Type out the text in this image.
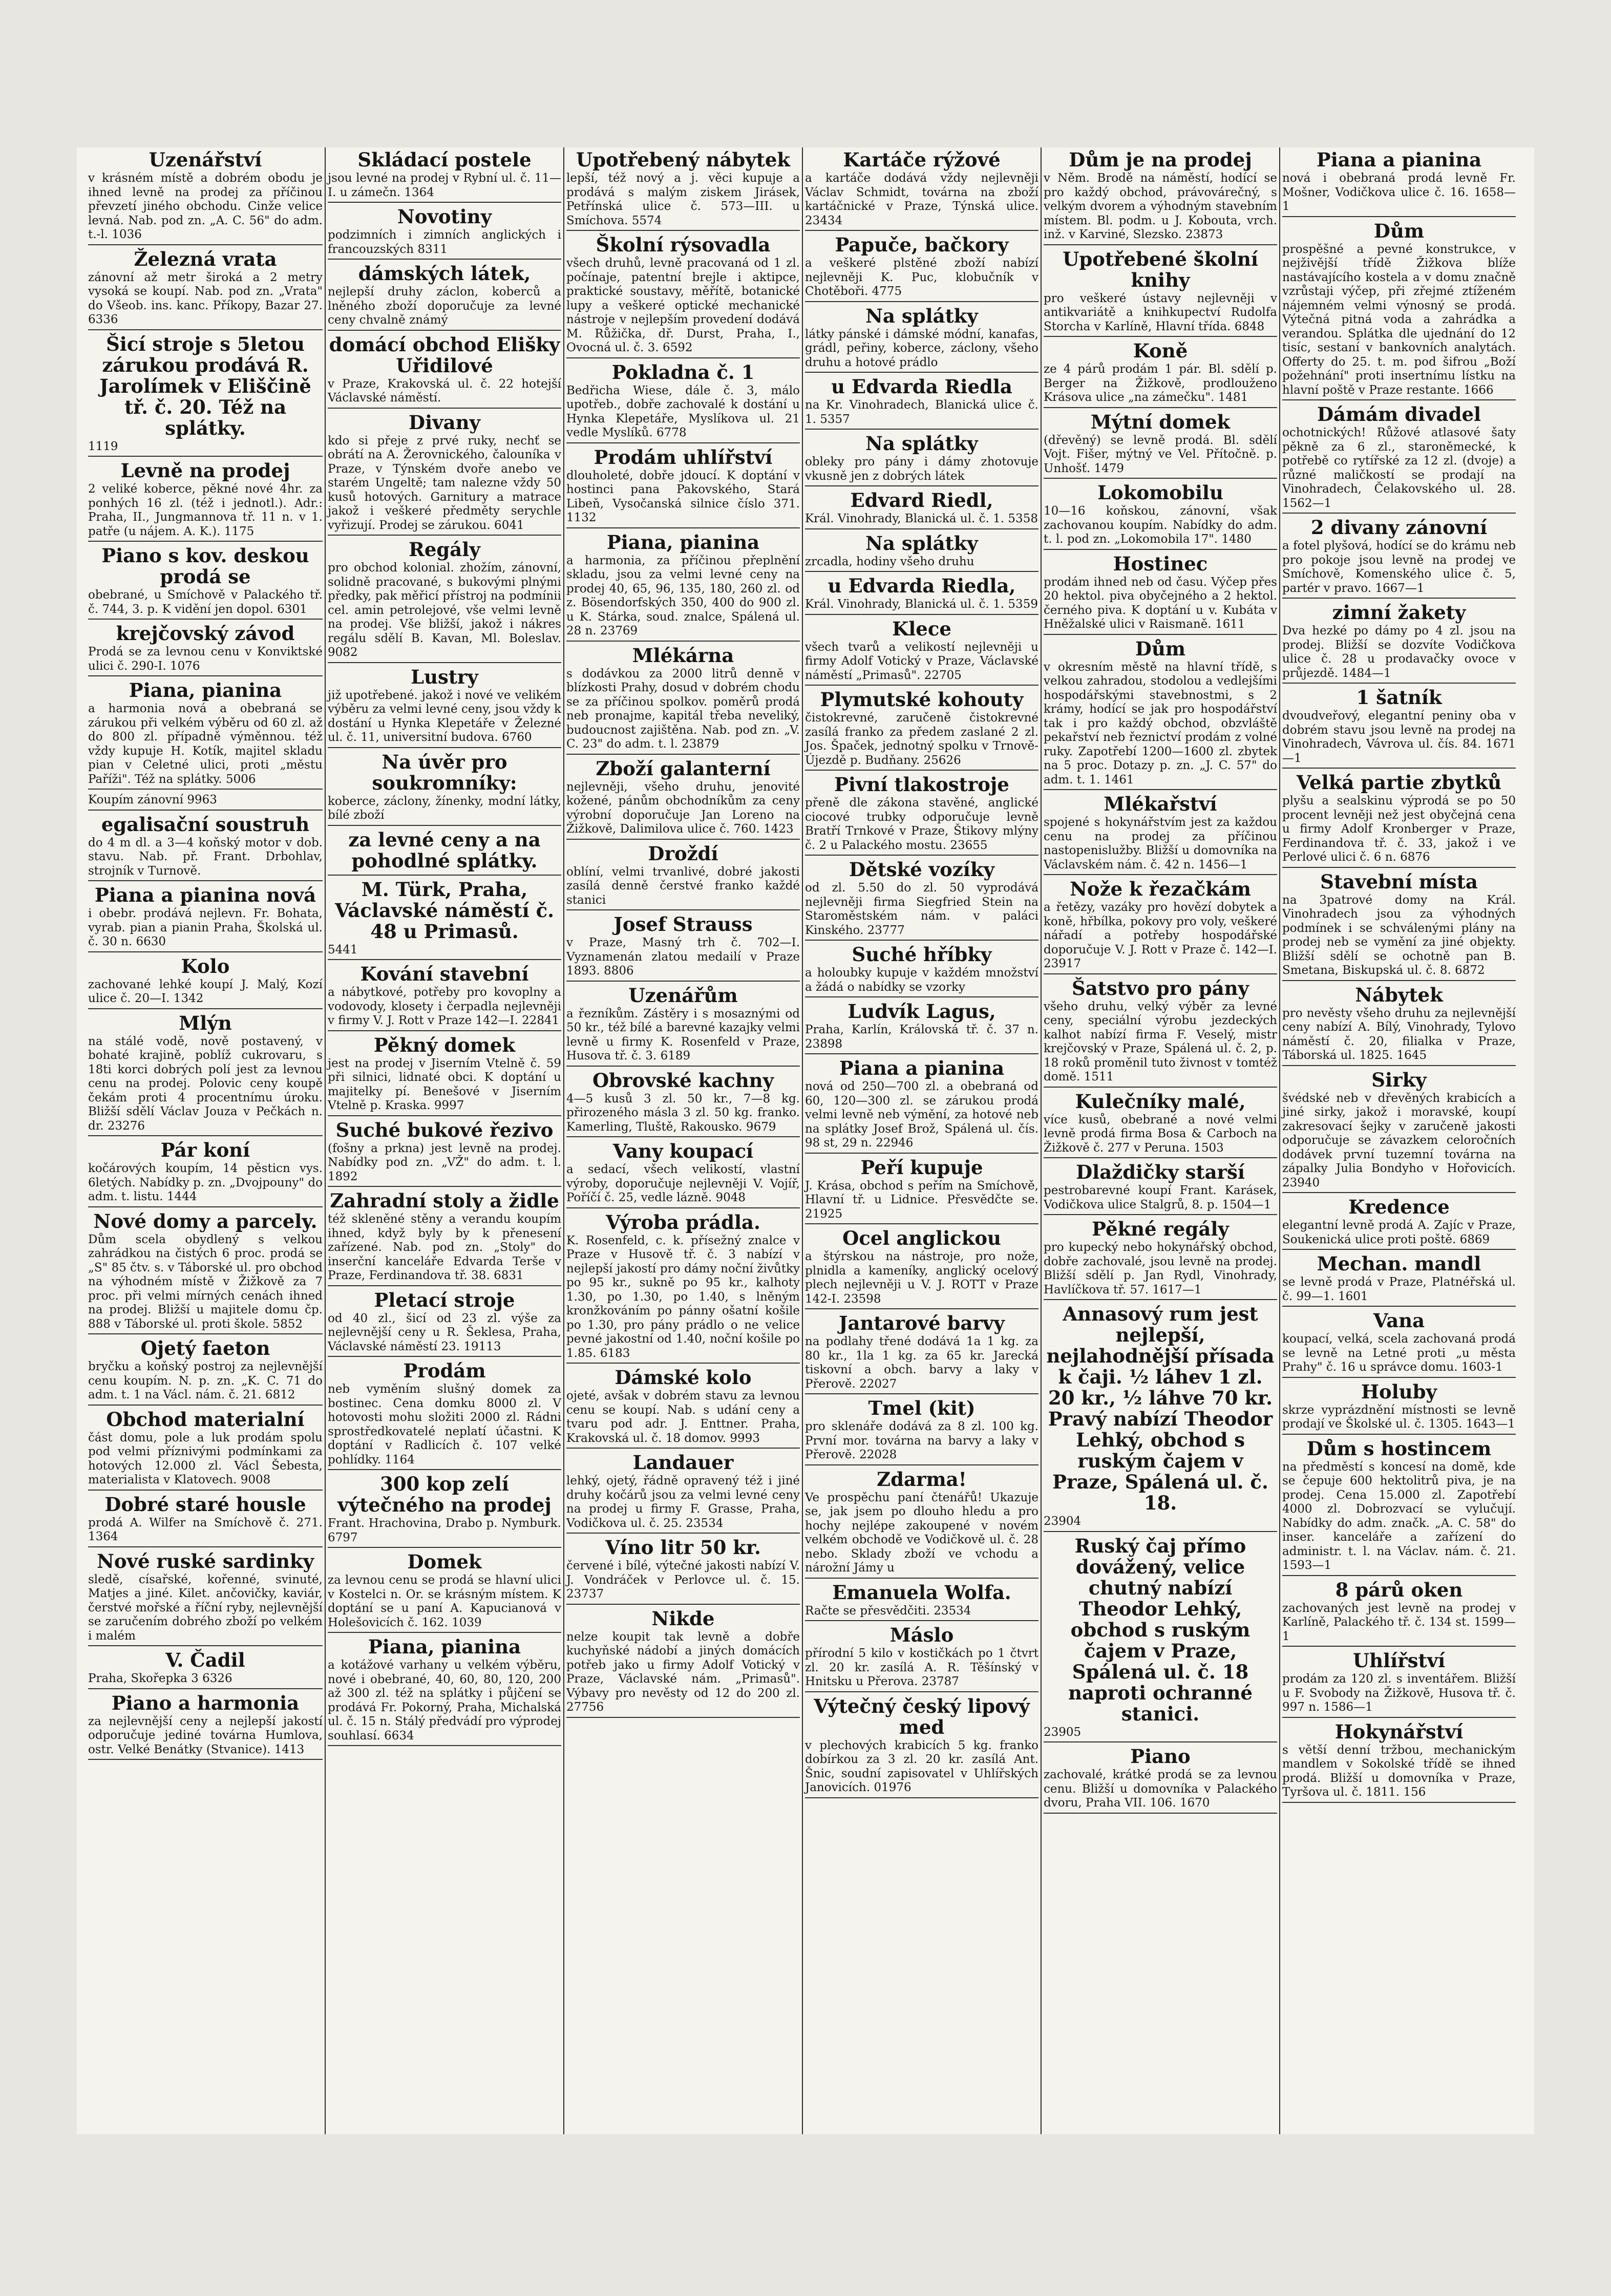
Uzenářství
v krásném místě a dobrém obodu je ihned levně na prodej za příčinou převzetí jiného obchodu. Cinže velice levná. Nab. pod zn. „A. C. 56" do adm. t.-l. 1036
Železná vrata
zánovní až metr široká a 2 metry vysoká se koupí. Nab. pod zn. „Vrata" do Všeob. ins. kanc. Příkopy, Bazar 27. 6336
Šicí stroje s 5letou zárukou prodává R. Jarolímek v Eliščině tř. č. 20. Též na splátky.
1119
Levně na prodej
2 veliké koberce, pěkné nové 4hr. za ponhých 16 zl. (též i jednotl.). Adr.: Praha, II., Jungmannova tř. 11 n. v 1. patře (u nájem. A. K.). 1175
Piano s kov. deskou prodá se
obebrané, u Smíchově v Palackého tř. č. 744, 3. p. K vidění jen dopol. 6301
krejčovský závod
Prodá se za levnou cenu v Konviktské ulici č. 290-I. 1076
Piana, pianina
a harmonia nová a obebraná se zárukou při velkém výběru od 60 zl. až do 800 zl. případně výměnnou. též vždy kupuje H. Kotík, majitel skladu pian v Celetné ulici, proti „městu Paříži". Též na splátky. 5006
Koupím zánovní 9963
egalisační soustruh
do 4 m dl. a 3—4 koňský motor v dob. stavu. Nab. př. Frant. Drbohlav, strojník v Turnově.
Piana a pianina nová
i obebr. prodává nejlevn. Fr. Bohata, vyrab. pian a pianin Praha, Školská ul. č. 30 n. 6630
Kolo
zachované lehké koupí J. Malý, Kozí ulice č. 20—I. 1342
Mlýn
na stálé vodě, nově postavený, v bohaté krajině, poblíž cukrovaru, s 18ti korci dobrých polí jest za levnou cenu na prodej. Polovic ceny koupě čekám proti 4 procentnímu úroku. Bližší sdělí Václav Jouza v Pečkách n. dr. 23276
Pár koní
kočárových koupím, 14 pěsticn vys. 6letých. Nabídky p. zn. „Dvojpouny" do adm. t. listu. 1444
Nové domy a parcely.
Dům scela obydlený s velkou zahrádkou na čistých 6 proc. prodá se „S" 85 čtv. s. v Táborské ul. pro obchod na výhodném místě v Žižkově za 7 proc. při velmi mírných cenách ihned na prodej. Bližší u majitele domu čp. 888 v Táborské ul. proti škole. 5852
Ojetý faeton
bryčku a koňský postroj za nejlevnější cenu koupím. N. p. zn. „K. C. 71 do adm. t. 1 na Václ. nám. č. 21. 6812
Obchod materialní
část domu, pole a luk prodám spolu pod velmi příznivými podmínkami za hotových 12.000 zl. Václ Šebesta, materialista v Klatovech. 9008
Dobré staré housle
prodá A. Wilfer na Smíchově č. 271. 1364
Nové ruské sardinky
sledě, císařské, kořenné, svinuté, Matjes a jiné. Kilet. ančovičky, kaviár, čerstvé mořské a říční ryby, nejlevnější se zaručením dobrého zboží po velkém i malém
V. Čadil
Praha, Skořepka 3 6326
Piano a harmonia
za nejlevnější ceny a nejlepší jakostí odporučuje jediné továrna Humlova, ostr. Velké Benátky (Stvanice). 1413
Skládací postele
jsou levné na prodej v Rybní ul. č. 11—I. u zámečn. 1364
Novotiny
podzimních i zimních anglických i francouzských 8311
dámských látek,
nejlepší druhy záclon, koberců a lněného zboží doporučuje za levné ceny chvalně známý
domácí obchod Elišky Uřidilové
v Praze, Krakovská ul. č. 22 hotejší Václavské náměstí.
Divany
kdo si přeje z prvé ruky, nechť se obrátí na A. Žerovnického, čalouníka v Praze, v Týnském dvoře anebo ve starém Ungeltě; tam nalezne vždy 50 kusů hotových. Garnitury a matrace jakož i veškeré předměty serychle vyřizují. Prodej se zárukou. 6041
Regály
pro obchod kolonial. zhožím, zánovní, solidně pracované, s bukovými plnými předky, pak měřicí přístroj na podmínii cel. amin petrolejové, vše velmi levně na prodej. Vše bližší, jakož i nákres regálu sdělí B. Kavan, Ml. Boleslav. 9082
Lustry
již upotřebené. jakož i nové ve velikém výběru za velmi levné ceny, jsou vždy k dostání u Hynka Klepetáře v Železné ul. č. 11, universitní budova. 6760
Na úvěr pro soukromníky:
koberce, záclony, žínenky, modní látky, bílé zboží
za levné ceny a na pohodlné splátky.
M. Türk, Praha, Václavské náměstí č. 48 u Primasů.
5441
Kování stavební
a nábytkové, potřeby pro kovoplny a vodovody, klosety i čerpadla nejlevněji v firmy V. J. Rott v Praze 142—I. 22841
Pěkný domek
jest na prodej v Jiserním Vtelně č. 59 při silnici, lidnaté obci. K doptání u majitelky pí. Benešové v Jiserním Vtelně p. Kraska. 9997
Suché bukové řezivo
(fošny a prkna) jest levně na prodej. Nabídky pod zn. „VŽ" do adm. t. l. 1892
Zahradní stoly a židle
též skleněné stěny a verandu koupím ihned, když byly by k přenesení zařízené. Nab. pod zn. „Stoly" do inserční kanceláře Edvarda Terše v Praze, Ferdinandova tř. 38. 6831
Pletací stroje
od 40 zl., šicí od 23 zl. výše za nejlevnější ceny u R. Šeklesa, Praha, Václavské náměstí 23. 19113
Prodám
neb vyměním slušný domek za bostinec. Cena domku 8000 zl. V hotovosti mohu složiti 2000 zl. Rádni sprostředkovatelé neplatí účastni. K doptání v Radlicích č. 107 velké pohlídky. 1164
300 kop zelí výtečného na prodej
Frant. Hrachovina, Drabo p. Nymburk. 6797
Domek
za levnou cenu se prodá se hlavní ulici v Kostelci n. Or. se krásným místem. K doptání se u paní A. Kapucianová v Holešovicích č. 162. 1039
Piana, pianina
a kotážové varhany u velkém výběru, nové i obebrané, 40, 60, 80, 120, 200 až 300 zl. též na splátky i půjčení se prodává Fr. Pokorný, Praha, Michalská ul. č. 15 n. Stálý předvádí pro výprodej souhlasí. 6634
Upotřebený nábytek
lepší, též nový a j. věci kupuje a prodává s malým ziskem Jirásek, Petřínská ulice č. 573—III. u Smíchova. 5574
Školní rýsovadla
všech druhů, levně pracovaná od 1 zl. počínaje, patentní brejle i aktipce, praktické soustavy, měřítě, botanické lupy a veškeré optické mechanické nástroje v nejlepším provedení dodává M. Růžička, dř. Durst, Praha, I., Ovocná ul. č. 3. 6592
Pokladna č. 1
Bedřicha Wiese, dále č. 3, málo upotřeb., dobře zachovalé k dostání u Hynka Klepetáře, Myslíkova ul. 21 vedle Myslíků. 6778
Prodám uhlířství
dlouholeté, dobře jdoucí. K doptání v hostinci pana Pakovského, Stará Libeň, Vysočanská silnice číslo 371. 1132
Piana, pianina
a harmonia, za příčinou přeplnění skladu, jsou za velmi levné ceny na prodej 40, 65, 96, 135, 180, 260 zl. od z. Bösendorfských 350, 400 do 900 zl. u K. Stárka, soud. znalce, Spálená ul. 28 n. 23769
Mlékárna
s dodávkou za 2000 litrů denně v blízkosti Prahy, dosud v dobrém chodu se za příčinou spolkov. poměrů prodá neb pronajme, kapitál třeba neveliký, budoucnost zajištěna. Nab. pod zn. „V. C. 23" do adm. t. l. 23879
Zboží galanterní
nejlevněji, všeho druhu, jenovité kožené, pánům obchodníkům za ceny výrobní doporučuje Jan Loreno na Žižkově, Dalimilova ulice č. 760. 1423
Droždí
oblíní, velmi trvanlivé, dobré jakosti zasílá denně čerstvé franko každé stanici
Josef Strauss
v Praze, Masný trh č. 702—I. Vyznamenán zlatou medailí v Praze 1893. 8806
Uzenářům
a řezníkům. Zástěry i s mosaznými od 50 kr., též bílé a barevné kazajky velmi levně u firmy K. Rosenfeld v Praze, Husova tř. č. 3. 6189
Obrovské kachny
4—5 kusů 3 zl. 50 kr., 7—8 kg. přirozeného másla 3 zl. 50 kg. franko. Kamerling, Tluště, Rakousko. 9679
Vany koupací
a sedací, všech velikostí, vlastní výroby, doporučuje nejlevněji V. Vojíř, Poříčí č. 25, vedle lázně. 9048
Výroba prádla.
K. Rosenfeld, c. k. přísežný znalce v Praze v Husově tř. č. 3 nabízí v nejlepší jakostí pro dámy noční živůtky po 95 kr., sukně po 95 kr., kalhoty 1.30, po 1.30, po 1.40, s lněným kronžkováním po pánny ošatní košile po 1.30, pro pány prádlo o ne velice pevné jakostní od 1.40, noční košile po 1.85. 6183
Dámské kolo
ojeté, avšak v dobrém stavu za levnou cenu se koupí. Nab. s udání ceny a tvaru pod adr. J. Enttner. Praha, Krakovská ul. č. 18 domov. 9993
Landauer
lehký, ojetý, řádně opravený též i jiné druhy kočárů jsou za velmi levné ceny na prodej u firmy F. Grasse, Praha, Vodičkova ul. č. 25. 23534
Víno litr 50 kr.
červené i bílé, výtečné jakosti nabízí V. J. Vondráček v Perlovce ul. č. 15. 23737
Nikde
nelze koupit tak levně a dobře kuchyňské nádobí a jiných domácích potřeb jako u firmy Adolf Votický v Praze, Václavské nám. „Primasů". Výbavy pro nevěsty od 12 do 200 zl. 27756
Kartáče rýžové
a kartáče dodává vždy nejlevněji Václav Schmidt, továrna na zboží kartáčnické v Praze, Týnská ulice. 23434
Papuče, bačkory
a veškeré plstěné zboží nabízí nejlevněji K. Puc, klobučník v Chotěboři. 4775
Na splátky
látky pánské i dámské módní, kanafas, grádl, peřiny, koberce, záclony, všeho druhu a hotové prádlo
u Edvarda Riedla
na Kr. Vinohradech, Blanická ulice č. 1. 5357
Na splátky
obleky pro pány i dámy zhotovuje vkusně jen z dobrých látek
Edvard Riedl,
Král. Vinohrady, Blanická ul. č. 1. 5358
Na splátky
zrcadla, hodiny všeho druhu
u Edvarda Riedla,
Král. Vinohrady, Blanická ul. č. 1. 5359
Klece
všech tvarů a velikostí nejlevněji u firmy Adolf Votický v Praze, Václavské náměstí „Primasů". 22705
Plymutské kohouty
čistokrevné, zaručeně čistokrevné zasílá franko za předem zaslané 2 zl. Jos. Špaček, jednotný spolku v Trnově-Újezdě p. Budňany. 25626
Pivní tlakostroje
přeně dle zákona stavěné, anglické ciocové trubky odporučuje levně Bratří Trnkové v Praze, Štikovy mlýny č. 2 u Palackého mostu. 23655
Dětské vozíky
od zl. 5.50 do zl. 50 vyprodává nejlevněji firma Siegfried Stein na Staroměstském nám. v paláci Kinského. 23777
Suché hříbky
a holoubky kupuje v každém množství a žádá o nabídky se vzorky
Ludvík Lagus,
Praha, Karlín, Královská tř. č. 37 n. 23898
Piana a pianina
nová od 250—700 zl. a obebraná od 60, 120—300 zl. se zárukou prodá velmi levně neb výmění, za hotové neb na splátky Josef Brož, Spálená ul. čís. 98 st, 29 n. 22946
Peří kupuje
J. Krása, obchod s peřím na Smíchově, Hlavní tř. u Lidnice. Přesvědčte se. 21925
Ocel anglickou
a štýrskou na nástroje, pro nože, plnidla a kameníky, anglický ocelový plech nejlevněji u V. J. ROTT v Praze 142-I. 23598
Jantarové barvy
na podlahy třené dodává 1a 1 kg. za 80 kr., 1la 1 kg. za 65 kr. Jarecká tiskovní a obch. barvy a laky v Přerově. 22027
Tmel (kit)
pro sklenáře dodává za 8 zl. 100 kg. První mor. továrna na barvy a laky v Přerově. 22028
Zdarma!
Ve prospěchu paní čtenářů! Ukazuje se, jak jsem po dlouho hledu a pro hochy nejlépe zakoupené v novém velkém obchodě ve Vodičkově ul. č. 28 nebo. Sklady zboží ve vchodu a nárožní Jámy u
Emanuela Wolfa.
Račte se přesvědčiti. 23534
Máslo
přírodní 5 kilo v kostičkách po 1 čtvrt zl. 20 kr. zasílá A. R. Těšínský v Hnitsku u Přerova. 23787
Výtečný český lipový med
v plechových krabicích 5 kg. franko dobírkou za 3 zl. 20 kr. zasílá Ant. Šnic, soudní zapisovatel v Uhlířských Janovicích. 01976
Dům je na prodej
v Něm. Brodě na náměstí, hodící se pro každý obchod, právovárečný, s velkým dvorem a výhodným stavebním místem. Bl. podm. u J. Kobouta, vrch. inž. v Karviné, Slezsko. 23873
Upotřebené školní knihy
pro veškeré ústavy nejlevněji v antikvariátě a knihkupectví Rudolfa Storcha v Karlíně, Hlavní třída. 6848
Koně
ze 4 párů prodám 1 pár. Bl. sdělí p. Berger na Žižkově, prodlouženo Krásova ulice „na zámečku". 1481
Mýtní domek
(dřevěný) se levně prodá. Bl. sdělí Vojt. Fišer, mýtný ve Vel. Přítočně. p. Unhošť. 1479
Lokomobilu
10—16 koňskou, zánovní, však zachovanou koupím. Nabídky do adm. t. l. pod zn. „Lokomobila 17". 1480
Hostinec
prodám ihned neb od času. Výčep přes 20 hektol. piva obyčejného a 2 hektol. černého piva. K doptání u v. Kubáta v Hněžalské ulici v Raismaně. 1611
Dům
v okresním městě na hlavní třídě, s velkou zahradou, stodolou a vedlejšími hospodářskými stavebnostmi, s 2 krámy, hodící se jak pro hospodářství tak i pro každý obchod, obzvláště pekařství neb řeznictví prodám z volné ruky. Zapotřebí 1200—1600 zl. zbytek na 5 proc. Dotazy p. zn. „J. C. 57" do adm. t. 1. 1461
Mlékařství
spojené s hokynářstvím jest za každou cenu na prodej za příčinou nastopenislužby. Bližší u domovníka na Václavském nám. č. 42 n. 1456—1
Nože k řezačkám
a řetězy, vazáky pro hovězí dobytek a koně, hřbílka, pokovy pro voly, veškeré nářadí a potřeby hospodářské doporučuje V. J. Rott v Praze č. 142—I. 23917
Šatstvo pro pány
všeho druhu, velký výběr za levné ceny, speciální výrobu jezdeckých kalhot nabízí firma F. Veselý, mistr krejčovský v Praze, Spálená ul. č. 2, p. 18 roků proměnil tuto živnost v tomtéž domě. 1511
Kulečníky malé,
více kusů, obebrané a nové velmi levně prodá firma Bosa & Carboch na Žižkově č. 277 v Peruna. 1503
Dlaždičky starší
pestrobarevné koupí Frant. Karásek, Vodičkova ulice Stalgrů, 8. p. 1504—1
Pěkné regály
pro kupecký nebo hokynářský obchod, dobře zachovalé, jsou levně na prodej. Bližší sdělí p. Jan Rydl, Vinohrady, Havlíčkova tř. 57. 1617—1
Annasový rum jest nejlepší, nejlahodnější přísada k čaji. ½ láhev 1 zl. 20 kr., ½ láhve 70 kr. Pravý nabízí Theodor Lehký, obchod s ruským čajem v Praze, Spálená ul. č. 18.
23904
Ruský čaj přímo dovážený, velice chutný nabízí Theodor Lehký, obchod s ruským čajem v Praze, Spálená ul. č. 18 naproti ochranné stanici.
23905
Piano
zachovalé, krátké prodá se za levnou cenu. Bližší u domovníka v Palackého dvoru, Praha VII. 106. 1670
Piana a pianina
nová i obebraná prodá levně Fr. Mošner, Vodičkova ulice č. 16. 1658—1
Dům
prospěšné a pevné konstrukce, v nejživější třídě Žižkova blíže nastávajícího kostela a v domu značně vzrůstaji výčep, při zřejmé ztíženém nájemném velmi výnosný se prodá. Výtečná pitná voda a zahrádka a verandou. Splátka dle ujednání do 12 tisíc, sestaní v bankovních analytách. Offerty do 25. t. m. pod šifrou „Boží požehnání" proti insertnímu lístku na hlavní poště v Praze restante. 1666
Dámám divadel
ochotnických! Růžové atlasové šaty pěkně za 6 zl., staroněmecké, k potřebě co rytířské za 12 zl. (dvoje) a různé maličkostí se prodají na Vinohradech, Čelakovského ul. 28. 1562—1
2 divany zánovní
a fotel plyšová, hodící se do krámu neb pro pokoje jsou levně na prodej ve Smíchově, Komenského ulice č. 5, partér v pravo. 1667—1
zimní žakety
Dva hezké po dámy po 4 zl. jsou na prodej. Bližší se dozvíte Vodičkova ulice č. 28 u prodavačky ovoce v průjezdě. 1484—1
1 šatník
dvoudveřový, elegantní peniny oba v dobrém stavu jsou levně na prodej na Vinohradech, Vávrova ul. čís. 84. 1671—1
Velká partie zbytků
plyšu a sealskinu výprodá se po 50 procent levněji než jest obyčejná cena u firmy Adolf Kronberger v Praze, Ferdinandova tř. č. 33, jakož i ve Perlové ulici č. 6 n. 6876
Stavební místa
na 3patrové domy na Král. Vinohradech jsou za výhodných podmínek i se schválenými plány na prodej neb se vymění za jiné objekty. Bližší sdělí se ochotně pan B. Smetana, Biskupská ul. č. 8. 6872
Nábytek
pro nevěsty všeho druhu za nejlevnější ceny nabízí A. Bílý, Vinohrady, Tylovo náměstí č. 20, filialka v Praze, Táborská ul. 1825. 1645
Sirky
švédské neb v dřevěných krabicích a jiné sirky, jakož i moravské, koupí zakresovací šejky v zaručeně jakosti odporučuje se závazkem celoročních dodávek první tuzemní továrna na zápalky Julia Bondyho v Hořovicích. 23940
Kredence
elegantní levně prodá A. Zajíc v Praze, Soukenická ulice proti poště. 6869
Mechan. mandl
se levně prodá v Praze, Platnéřská ul. č. 99—1. 1601
Vana
koupací, velká, scela zachovaná prodá se levně na Letné proti „u města Prahy" č. 16 u správce domu. 1603-1
Holuby
skrze vyprázdnění místnosti se levně prodají ve Školské ul. č. 1305. 1643—1
Dům s hostincem
na předměstí s koncesí na domě, kde se čepuje 600 hektolitrů piva, je na prodej. Cena 15.000 zl. Zapotřebí 4000 zl. Dobrozvací se vylučují. Nabídky do adm. značk. „A. C. 58" do inser. kanceláře a zařízení do administr. t. l. na Václav. nám. č. 21. 1593—1
8 párů oken
zachovaných jest levně na prodej v Karlíně, Palackého tř. č. 134 st. 1599—1
Uhlířství
prodám za 120 zl. s inventářem. Bližší u F. Svobody na Žižkově, Husova tř. č. 997 n. 1586—1
Hokynářství
s větší denní tržbou, mechanickým mandlem v Sokolské třídě se ihned prodá. Bližší u domovníka v Praze, Tyršova ul. č. 1811. 156
